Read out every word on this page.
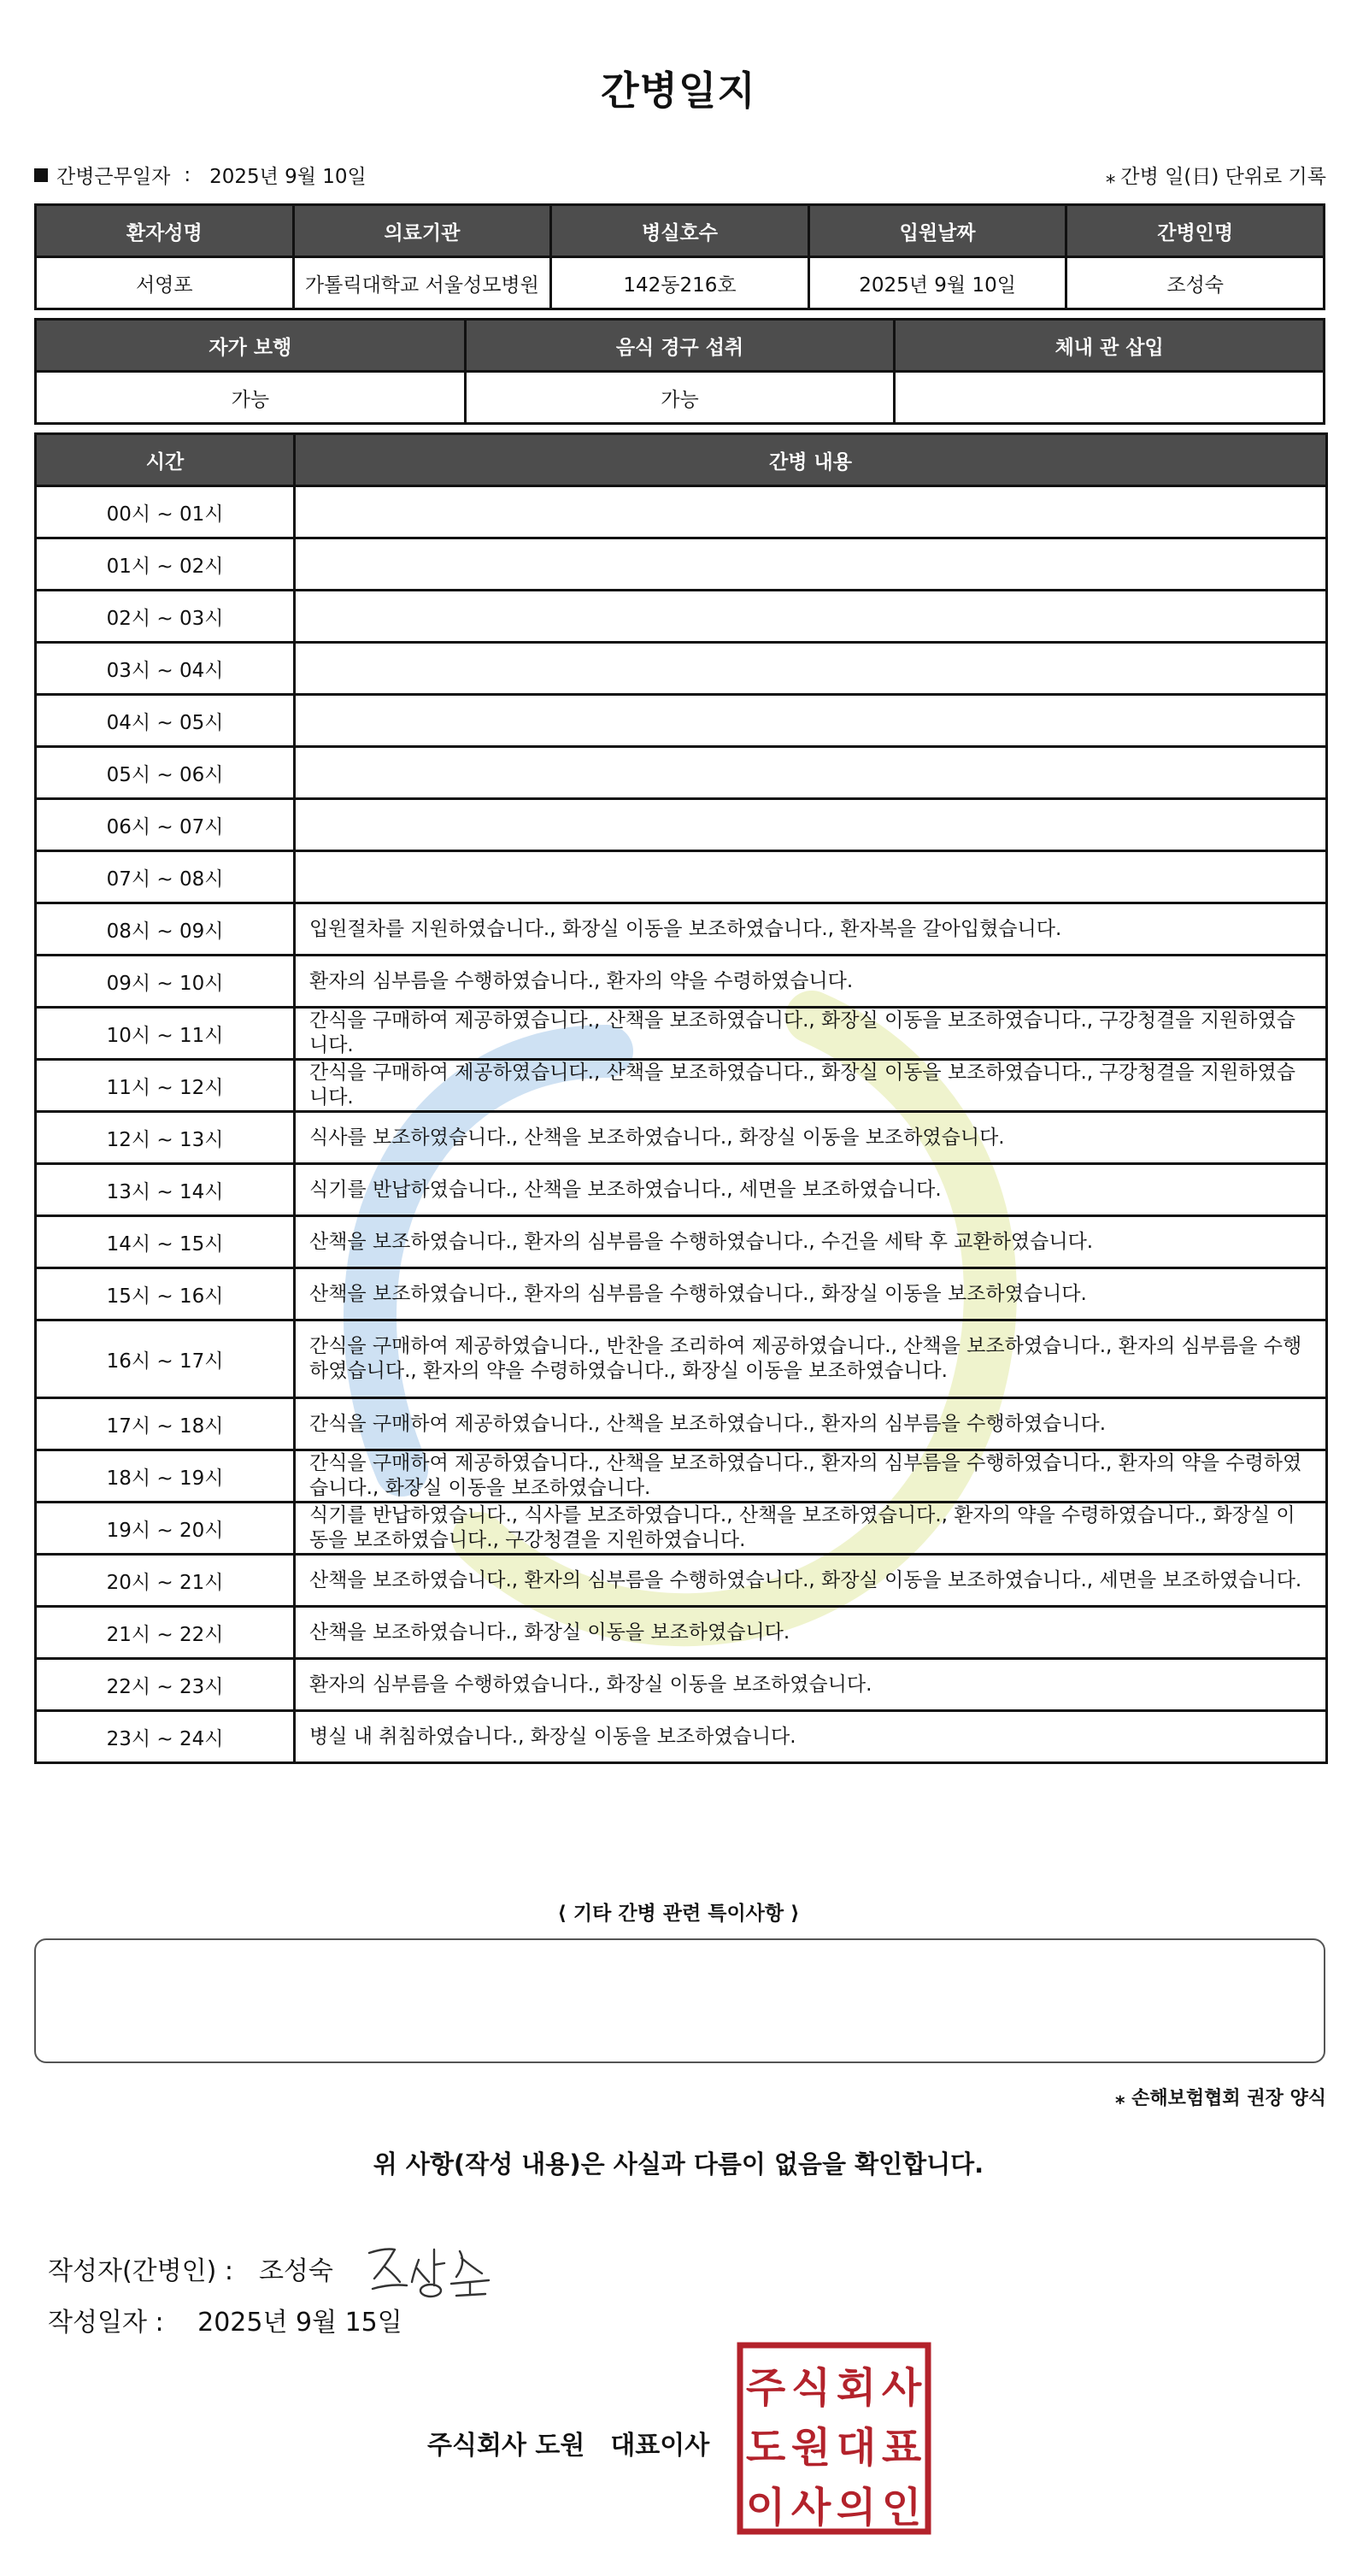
간병일지
간병근무일자 : 2025년 9월 10일	⁎ 간병 일(日) 단위로 기록
환자성명	의료기관	병실호수	입원날짜	간병인명
서영포	가톨릭대학교 서울성모병원	142동216호	2025년 9월 10일	조성숙
자가 보행	음식 경구 섭취	체내 관 삽입
가능	가능	
시간	간병 내용
00시 ~ 01시	
01시 ~ 02시	
02시 ~ 03시	
03시 ~ 04시	
04시 ~ 05시	
05시 ~ 06시	
06시 ~ 07시	
07시 ~ 08시	
08시 ~ 09시	입원절차를 지원하였습니다., 화장실 이동을 보조하였습니다., 환자복을 갈아입혔습니다.
09시 ~ 10시	환자의 심부름을 수행하였습니다., 환자의 약을 수령하였습니다.
10시 ~ 11시	간식을 구매하여 제공하였습니다., 산책을 보조하였습니다., 화장실 이동을 보조하였습니다., 구강청결을 지원하였습니다.
11시 ~ 12시	간식을 구매하여 제공하였습니다., 산책을 보조하였습니다., 화장실 이동을 보조하였습니다., 구강청결을 지원하였습니다.
12시 ~ 13시	식사를 보조하였습니다., 산책을 보조하였습니다., 화장실 이동을 보조하였습니다.
13시 ~ 14시	식기를 반납하였습니다., 산책을 보조하였습니다., 세면을 보조하였습니다.
14시 ~ 15시	산책을 보조하였습니다., 환자의 심부름을 수행하였습니다., 수건을 세탁 후 교환하였습니다.
15시 ~ 16시	산책을 보조하였습니다., 환자의 심부름을 수행하였습니다., 화장실 이동을 보조하였습니다.
16시 ~ 17시	간식을 구매하여 제공하였습니다., 반찬을 조리하여 제공하였습니다., 산책을 보조하였습니다., 환자의 심부름을 수행하였습니다., 환자의 약을 수령하였습니다., 화장실 이동을 보조하였습니다.
17시 ~ 18시	간식을 구매하여 제공하였습니다., 산책을 보조하였습니다., 환자의 심부름을 수행하였습니다.
18시 ~ 19시	간식을 구매하여 제공하였습니다., 산책을 보조하였습니다., 환자의 심부름을 수행하였습니다., 환자의 약을 수령하였습니다., 화장실 이동을 보조하였습니다.
19시 ~ 20시	식기를 반납하였습니다., 식사를 보조하였습니다., 산책을 보조하였습니다., 환자의 약을 수령하였습니다., 화장실 이동을 보조하였습니다., 구강청결을 지원하였습니다.
20시 ~ 21시	산책을 보조하였습니다., 환자의 심부름을 수행하였습니다., 화장실 이동을 보조하였습니다., 세면을 보조하였습니다.
21시 ~ 22시	산책을 보조하였습니다., 화장실 이동을 보조하였습니다.
22시 ~ 23시	환자의 심부름을 수행하였습니다., 화장실 이동을 보조하였습니다.
23시 ~ 24시	병실 내 취침하였습니다., 화장실 이동을 보조하였습니다.
⟨ 기타 간병 관련 특이사항 ⟩
⁎ 손해보험협회 권장 양식
위 사항(작성 내용)은 사실과 다름이 없음을 확인합니다.
작성자(간병인) : 조성숙
작성일자 : 2025년 9월 15일
주식회사 도원 대표이사
주 식 회 사
도 원 대 표
이 사 의 인
